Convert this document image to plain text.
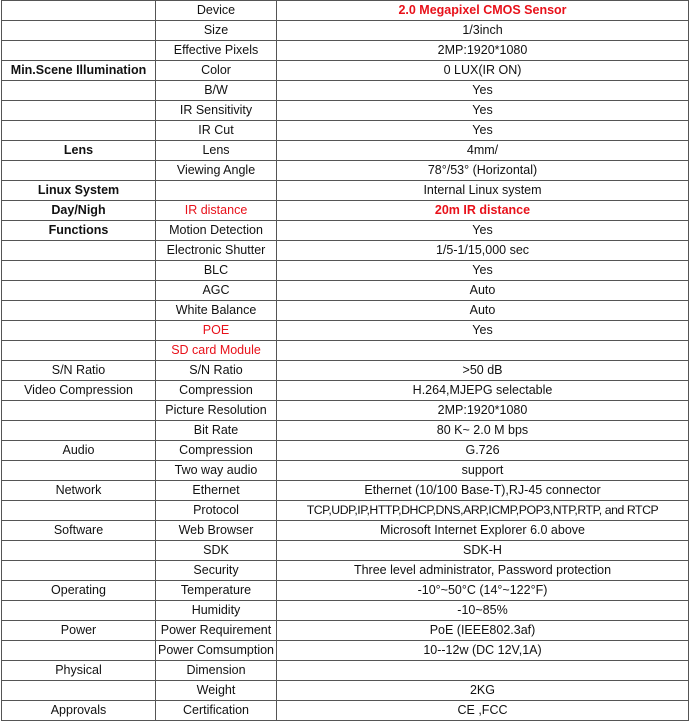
	Device	2.0 Megapixel CMOS Sensor
	Size	1/3inch
	Effective Pixels	2MP:1920*1080
Min.Scene Illumination	Color	0 LUX(IR ON)
	B/W	Yes
	IR Sensitivity	Yes
	IR Cut	Yes
Lens	Lens	4mm/
	Viewing Angle	78°/53° (Horizontal)
Linux System		Internal Linux system
Day/Nigh	IR distance	20m IR distance
Functions	Motion Detection	Yes
	Electronic Shutter	1/5-1/15,000 sec
	BLC	Yes
	AGC	Auto
	White Balance	Auto
	POE	Yes
	SD card Module	
S/N Ratio	S/N Ratio	>50 dB
Video Compression	Compression	H.264,MJEPG selectable
	Picture Resolution	2MP:1920*1080
	Bit Rate	80 K~ 2.0 M bps
Audio	Compression	G.726
	Two way audio	support
Network	Ethernet	Ethernet (10/100 Base-T),RJ-45 connector
	Protocol	TCP,UDP,IP,HTTP,DHCP,DNS,ARP,ICMP,POP3,NTP,RTP, and RTCP
Software	Web Browser	Microsoft Internet Explorer 6.0 above
	SDK	SDK-H
	Security	Three level administrator, Password protection
Operating	Temperature	-10°~50°C (14°~122°F)
	Humidity	-10~85%
Power	Power Requirement	PoE (IEEE802.3af)
	Power Comsumption	10--12w (DC 12V,1A)
Physical	Dimension	
	Weight	2KG
Approvals	Certification	CE ,FCC
